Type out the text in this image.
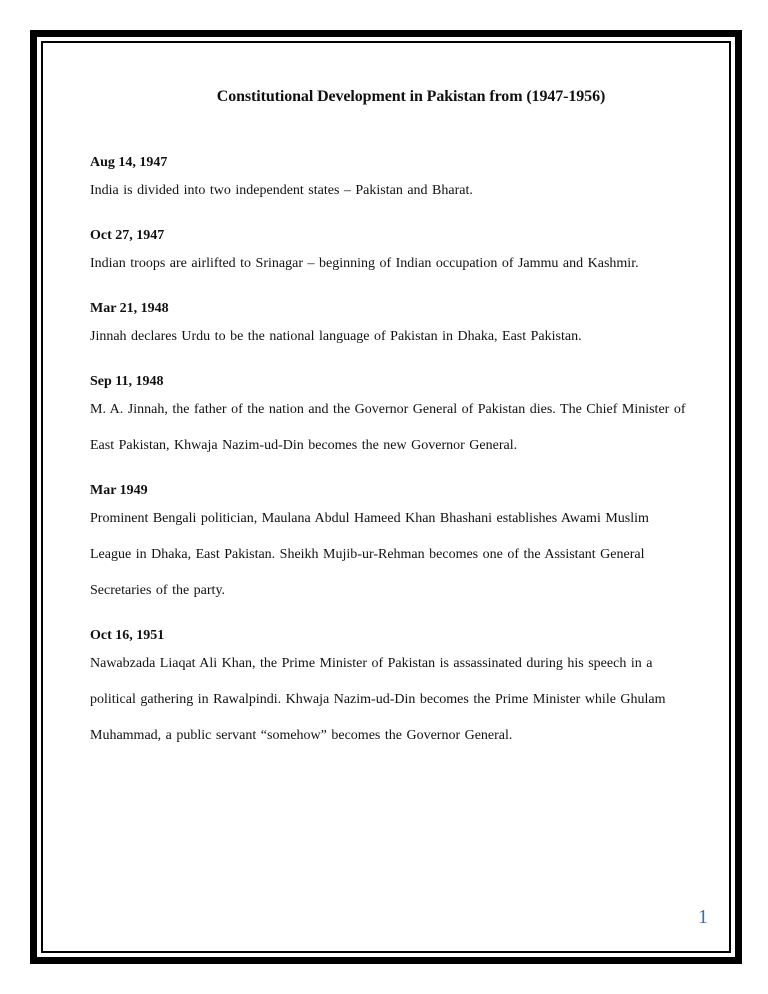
Constitutional Development in Pakistan from (1947-1956)
Aug 14, 1947
India is divided into two independent states – Pakistan and Bharat.
Oct 27, 1947
Indian troops are airlifted to Srinagar – beginning of Indian occupation of Jammu and Kashmir.
Mar 21, 1948
Jinnah declares Urdu to be the national language of Pakistan in Dhaka, East Pakistan.
Sep 11, 1948
M. A. Jinnah, the father of the nation and the Governor General of Pakistan dies. The Chief Minister of
East Pakistan, Khwaja Nazim-ud-Din becomes the new Governor General.
Mar 1949
Prominent Bengali politician, Maulana Abdul Hameed Khan Bhashani establishes Awami Muslim
League in Dhaka, East Pakistan. Sheikh Mujib-ur-Rehman becomes one of the Assistant General
Secretaries of the party.
Oct 16, 1951
Nawabzada Liaqat Ali Khan, the Prime Minister of Pakistan is assassinated during his speech in a
political gathering in Rawalpindi. Khwaja Nazim-ud-Din becomes the Prime Minister while Ghulam
Muhammad, a public servant “somehow” becomes the Governor General.
1
